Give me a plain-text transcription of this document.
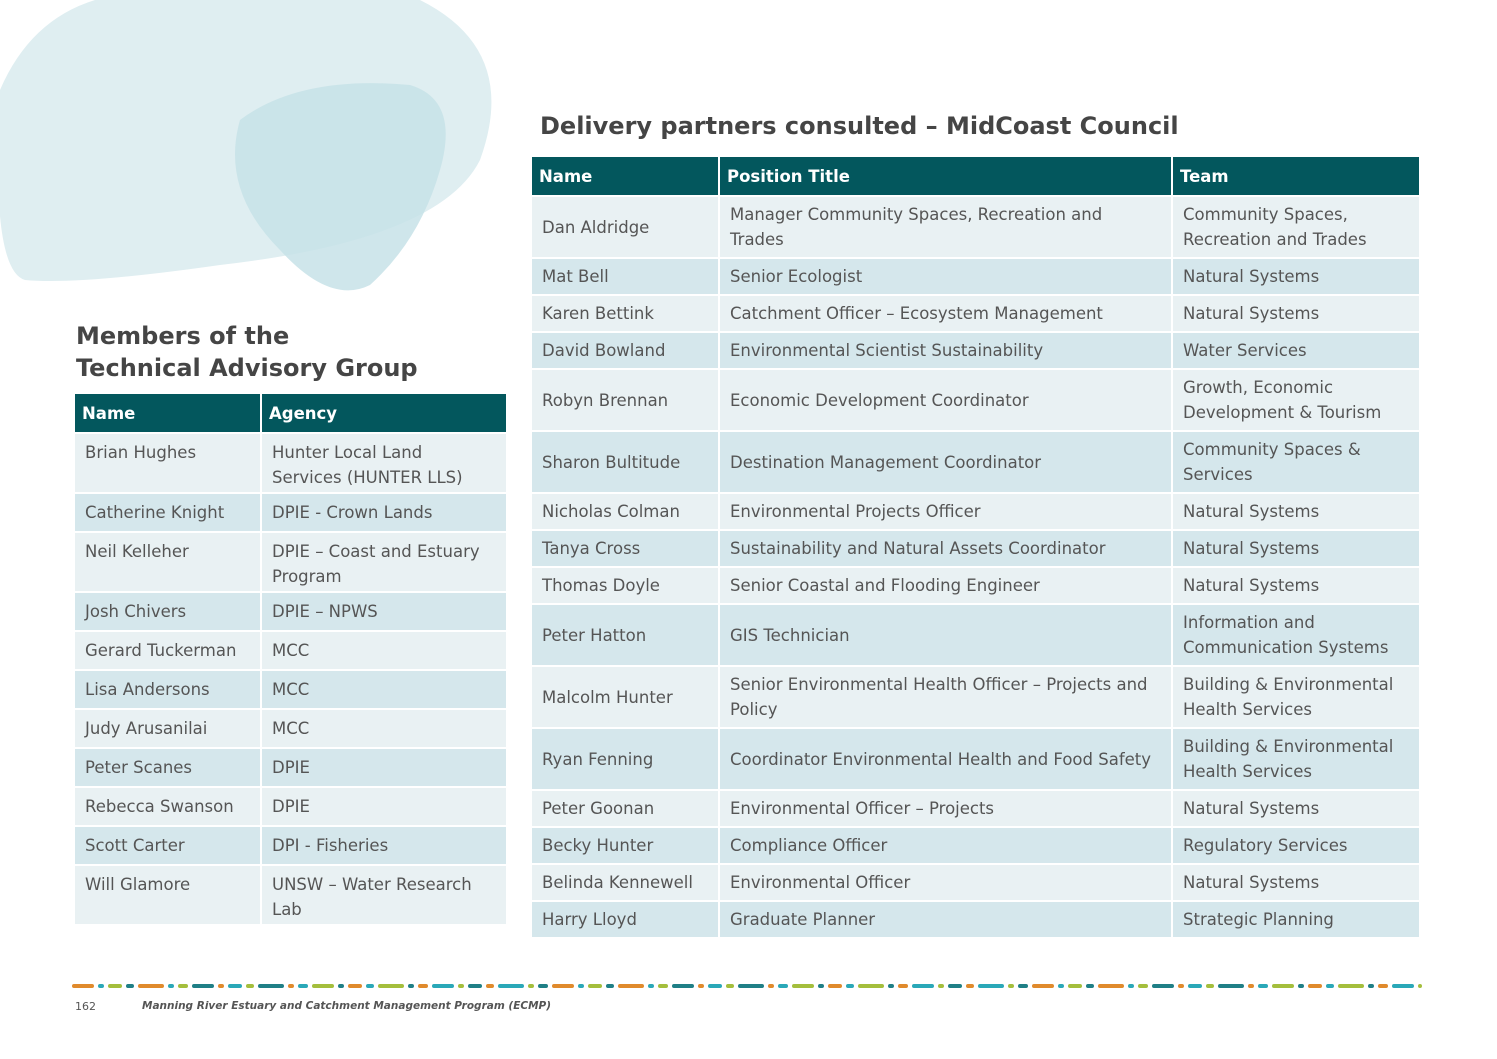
Members of the
Technical Advisory Group
Name	Agency
Brian Hughes	Hunter Local Land Services (HUNTER LLS)
Catherine Knight	DPIE - Crown Lands
Neil Kelleher	DPIE – Coast and Estuary Program
Josh Chivers	DPIE – NPWS
Gerard Tuckerman	MCC
Lisa Andersons	MCC
Judy Arusanilai	MCC
Peter Scanes	DPIE
Rebecca Swanson	DPIE
Scott Carter	DPI - Fisheries
Will Glamore	UNSW – Water Research Lab
Delivery partners consulted – MidCoast Council
Name	Position Title	Team
Dan Aldridge	Manager Community Spaces, Recreation and Trades	Community Spaces, Recreation and Trades
Mat Bell	Senior Ecologist	Natural Systems
Karen Bettink	Catchment Officer – Ecosystem Management	Natural Systems
David Bowland	Environmental Scientist Sustainability	Water Services
Robyn Brennan	Economic Development Coordinator	Growth, Economic Development & Tourism
Sharon Bultitude	Destination Management Coordinator	Community Spaces & Services
Nicholas Colman	Environmental Projects Officer	Natural Systems
Tanya Cross	Sustainability and Natural Assets Coordinator	Natural Systems
Thomas Doyle	Senior Coastal and Flooding Engineer	Natural Systems
Peter Hatton	GIS Technician	Information and Communication Systems
Malcolm Hunter	Senior Environmental Health Officer – Projects and Policy	Building & Environmental Health Services
Ryan Fenning	Coordinator Environmental Health and Food Safety	Building & Environmental Health Services
Peter Goonan	Environmental Officer – Projects	Natural Systems
Becky Hunter	Compliance Officer	Regulatory Services
Belinda Kennewell	Environmental Officer	Natural Systems
Harry Lloyd	Graduate Planner	Strategic Planning
162	Manning River Estuary and Catchment Management Program (ECMP)
